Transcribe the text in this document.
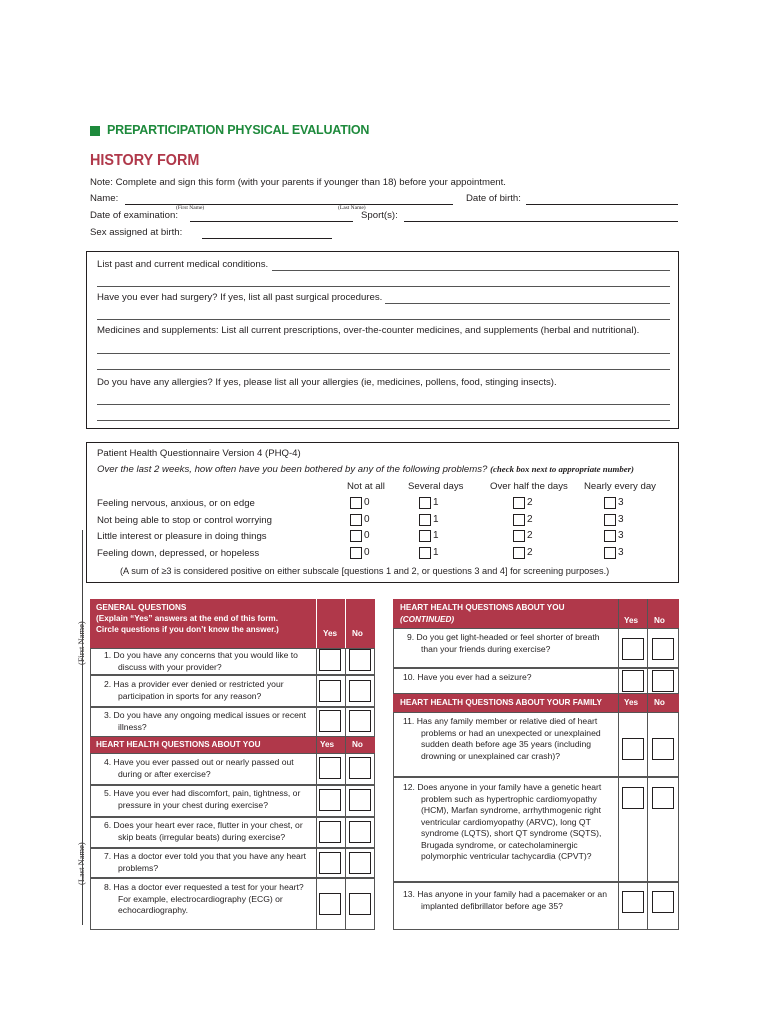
PREPARTICIPATION PHYSICAL EVALUATION
HISTORY FORM
Note: Complete and sign this form (with your parents if younger than 18) before your appointment.
Name:
(First Name)	(Last Name)
Date of birth:
Date of examination:	Sport(s):
Sex assigned at birth:
List past and current medical conditions.
Have you ever had surgery? If yes, list all past surgical procedures.
Medicines and supplements: List all current prescriptions, over-the-counter medicines, and supplements (herbal and nutritional).
Do you have any allergies? If yes, please list all your allergies (ie, medicines, pollens, food, stinging insects).
Patient Health Questionnaire Version 4 (PHQ-4)
Over the last 2 weeks, how often have you been bothered by any of the following problems? (check box next to appropriate number)
Not at all Several days	Over half the days Nearly every day
Feeling nervous, anxious, or on edge	0	1	2	3
Not being able to stop or control worrying	0	1	2	3
Little interest or pleasure in doing things	0	1	2	3
Feeling down, depressed, or hopeless	0	1	2	3
(A sum of ≥3 is considered positive on either subscale [questions 1 and 2, or questions 3 and 4] for screening purposes.)
(First Name)
(Last Name)
GENERAL QUESTIONS
(Explain “Yes” answers at the end of this form.
Circle questions if you don’t know the answer.)	Yes No
1. Do you have any concerns that you would like to discuss with your provider?
2. Has a provider ever denied or restricted your participation in sports for any reason?
3. Do you have any ongoing medical issues or recent illness?
HEART HEALTH QUESTIONS ABOUT YOU	Yes No
4. Have you ever passed out or nearly passed out during or after exercise?
5. Have you ever had discomfort, pain, tightness, or pressure in your chest during exercise?
6. Does your heart ever race, flutter in your chest, or skip beats (irregular beats) during exercise?
7. Has a doctor ever told you that you have any heart problems?
8. Has a doctor ever requested a test for your heart? For example, electrocardiography (ECG) or echocardiography.
HEART HEALTH QUESTIONS ABOUT YOU
(CONTINUED)	Yes No
9. Do you get light-headed or feel shorter of breath than your friends during exercise?
10. Have you ever had a seizure?
HEART HEALTH QUESTIONS ABOUT YOUR FAMILY	Yes No
11. Has any family member or relative died of heart problems or had an unexpected or unexplained sudden death before age 35 years (including drowning or unexplained car crash)?
12. Does anyone in your family have a genetic heart problem such as hypertrophic cardiomyopathy (HCM), Marfan syndrome, arrhythmogenic right ventricular cardiomyopathy (ARVC), long QT syndrome (LQTS), short QT syndrome (SQTS), Brugada syndrome, or catecholaminergic polymorphic ventricular tachycardia (CPVT)?
13. Has anyone in your family had a pacemaker or an implanted defibrillator before age 35?
